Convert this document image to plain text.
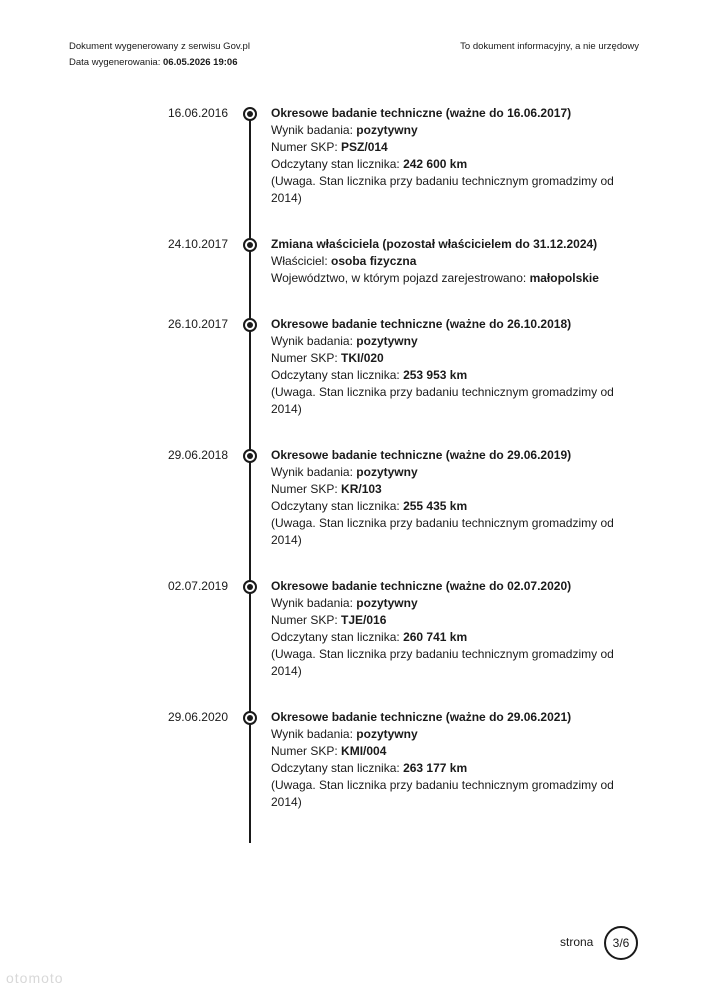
Dokument wygenerowany z serwisu Gov.pl
Data wygenerowania: 06.05.2026 19:06
To dokument informacyjny, a nie urzędowy
16.06.2016	Okresowe badanie techniczne (ważne do 16.06.2017)
Wynik badania: pozytywny
Numer SKP: PSZ/014
Odczytany stan licznika: 242 600 km
(Uwaga. Stan licznika przy badaniu technicznym gromadzimy od 2014)
24.10.2017	Zmiana właściciela (pozostał właścicielem do 31.12.2024)
Właściciel: osoba fizyczna
Województwo, w którym pojazd zarejestrowano: małopolskie
26.10.2017	Okresowe badanie techniczne (ważne do 26.10.2018)
Wynik badania: pozytywny
Numer SKP: TKI/020
Odczytany stan licznika: 253 953 km
(Uwaga. Stan licznika przy badaniu technicznym gromadzimy od 2014)
29.06.2018	Okresowe badanie techniczne (ważne do 29.06.2019)
Wynik badania: pozytywny
Numer SKP: KR/103
Odczytany stan licznika: 255 435 km
(Uwaga. Stan licznika przy badaniu technicznym gromadzimy od 2014)
02.07.2019	Okresowe badanie techniczne (ważne do 02.07.2020)
Wynik badania: pozytywny
Numer SKP: TJE/016
Odczytany stan licznika: 260 741 km
(Uwaga. Stan licznika przy badaniu technicznym gromadzimy od 2014)
29.06.2020	Okresowe badanie techniczne (ważne do 29.06.2021)
Wynik badania: pozytywny
Numer SKP: KMI/004
Odczytany stan licznika: 263 177 km
(Uwaga. Stan licznika przy badaniu technicznym gromadzimy od 2014)
strona	3/6
otomoto
